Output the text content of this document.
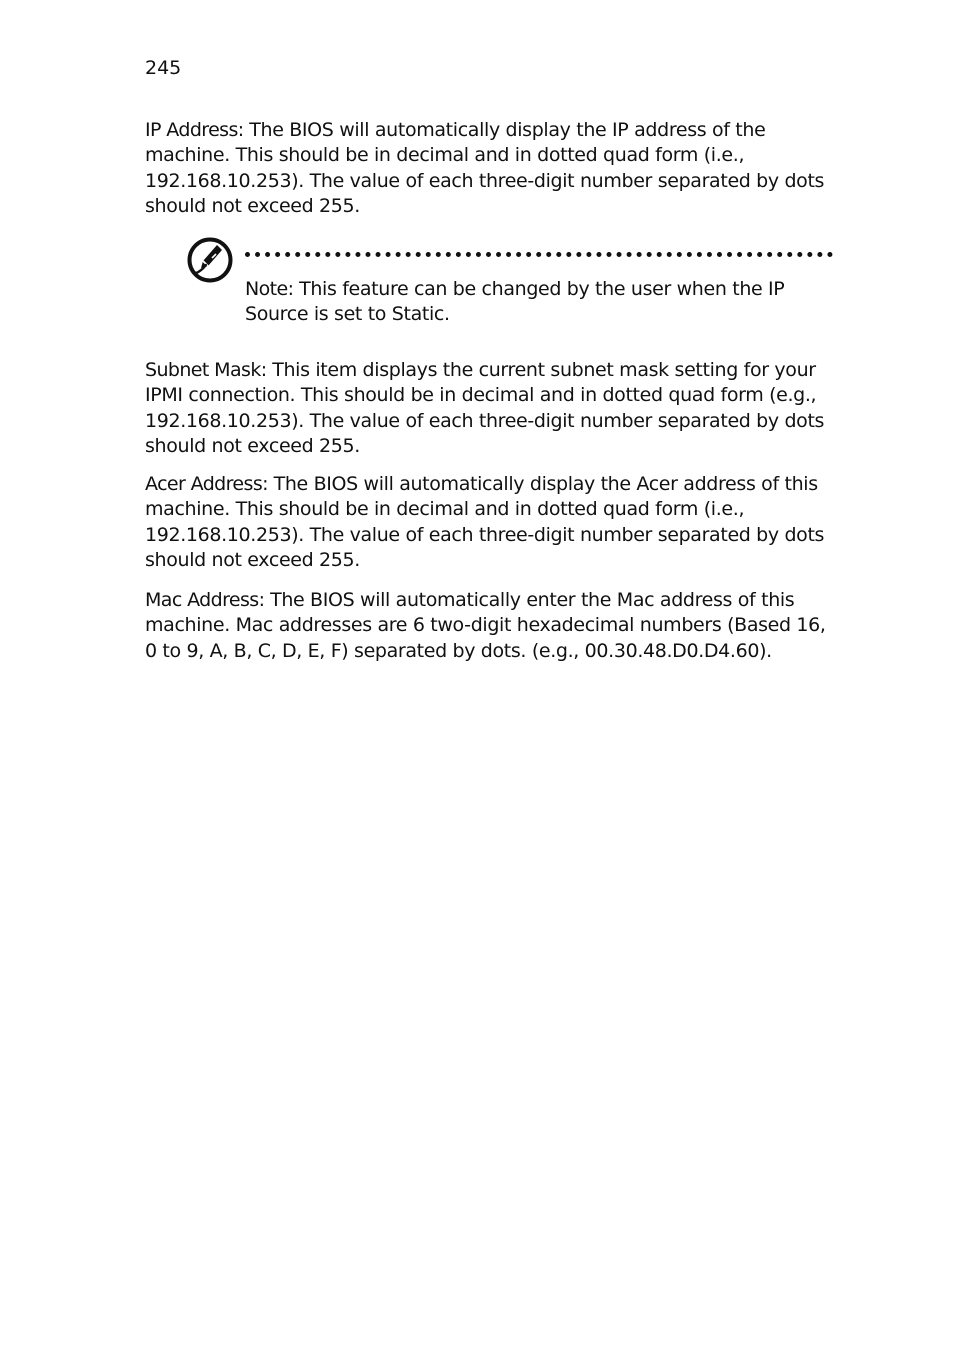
245

IP Address: The BIOS will automatically display the IP address of the machine. This should be in decimal and in dotted quad form (i.e., 192.168.10.253). The value of each three-digit number separated by dots should not exceed 255.

Note: This feature can be changed by the user when the IP Source is set to Static.

Subnet Mask: This item displays the current subnet mask setting for your IPMI connection. This should be in decimal and in dotted quad form (e.g., 192.168.10.253). The value of each three-digit number separated by dots should not exceed 255.

Acer Address: The BIOS will automatically display the Acer address of this machine. This should be in decimal and in dotted quad form (i.e., 192.168.10.253). The value of each three-digit number separated by dots should not exceed 255.

Mac Address: The BIOS will automatically enter the Mac address of this machine. Mac addresses are 6 two-digit hexadecimal numbers (Based 16, 0 to 9, A, B, C, D, E, F) separated by dots. (e.g., 00.30.48.D0.D4.60).
